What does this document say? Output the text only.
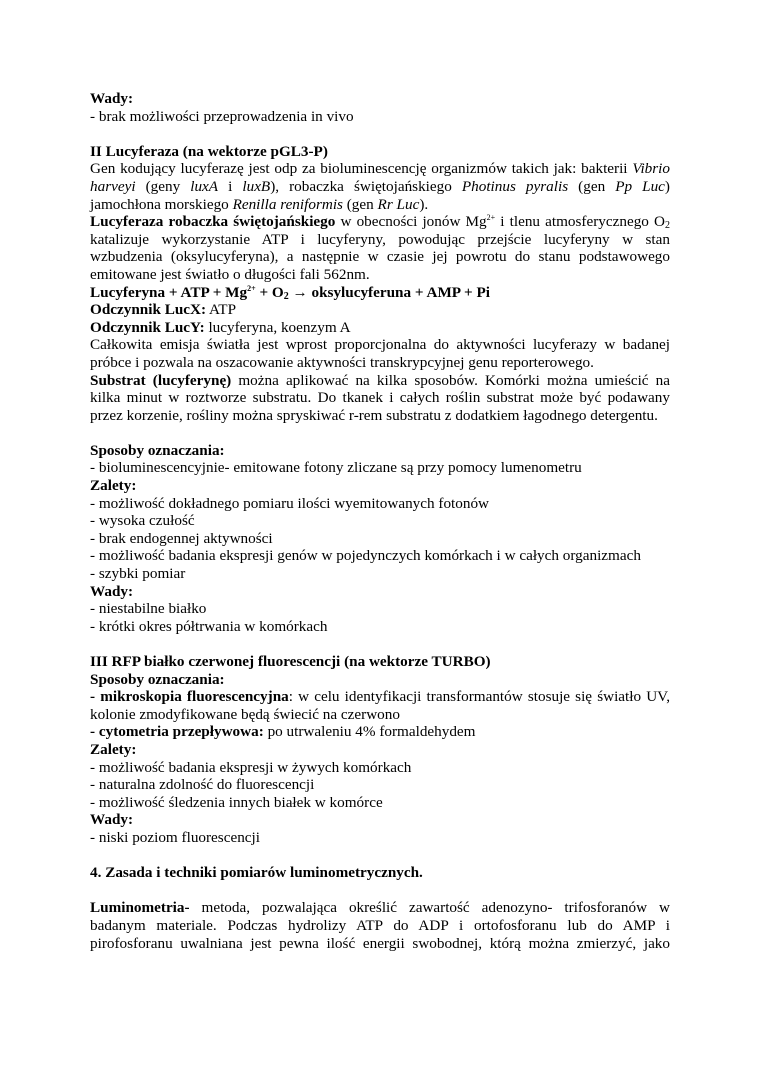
Wady:
- brak możliwości przeprowadzenia in vivo
II Lucyferaza (na wektorze pGL3-P)
Gen kodujący lucyferazę jest odp za bioluminescencję organizmów takich jak: bakterii Vibrio
harveyi (geny luxA i luxB), robaczka świętojańskiego Photinus pyralis (gen Pp Luc)
jamochłona morskiego Renilla reniformis (gen Rr Luc).
Lucyferaza robaczka świętojańskiego w obecności jonów $Mg^{2+}$ i tlenu atmosferycznego $O_2$
katalizuje wykorzystanie ATP i lucyferyny, powodując przejście lucyferyny w stan
wzbudzenia (oksylucyferyna), a następnie w czasie jej powrotu do stanu podstawowego
emitowane jest światło o długości fali 562nm.
Lucyferyna + ATP + $Mg^{2+} + O_2$ → oksylucyferuna + AMP + Pi
Odczynnik LucX: ATP
Odczynnik LucY: lucyferyna, koenzym A
Całkowita emisja światła jest wprost proporcjonalna do aktywności lucyferazy w badanej
próbce i pozwala na oszacowanie aktywności transkrypcyjnej genu reporterowego.
Substrat (lucyferynę) można aplikować na kilka sposobów. Komórki można umieścić na
kilka minut w roztworze substratu. Do tkanek i całych roślin substrat może być podawany
przez korzenie, rośliny można spryskiwać r-rem substratu z dodatkiem łagodnego detergentu.
Sposoby oznaczania:
- bioluminescencyjnie- emitowane fotony zliczane są przy pomocy lumenometru
Zalety:
- możliwość dokładnego pomiaru ilości wyemitowanych fotonów
- wysoka czułość
- brak endogennej aktywności
- możliwość badania ekspresji genów w pojedynczych komórkach i w całych organizmach
- szybki pomiar
Wady:
- niestabilne białko
- krótki okres półtrwania w komórkach
III RFP białko czerwonej fluorescencji (na wektorze TURBO)
Sposoby oznaczania:
- mikroskopia fluorescencyjna: w celu identyfikacji transformantów stosuje się światło UV,
kolonie zmodyfikowane będą świecić na czerwono
- cytometria przepływowa: po utrwaleniu 4% formaldehydem
Zalety:
- możliwość badania ekspresji w żywych komórkach
- naturalna zdolność do fluorescencji
- możliwość śledzenia innych białek w komórce
Wady:
- niski poziom fluorescencji
4. Zasada i techniki pomiarów luminometrycznych.
Luminometria- metoda, pozwalająca określić zawartość adenozyno- trifosforanów w
badanym materiale. Podczas hydrolizy ATP do ADP i ortofosforanu lub do AMP i
pirofosforanu uwalniana jest pewna ilość energii swobodnej, którą można zmierzyć, jako
